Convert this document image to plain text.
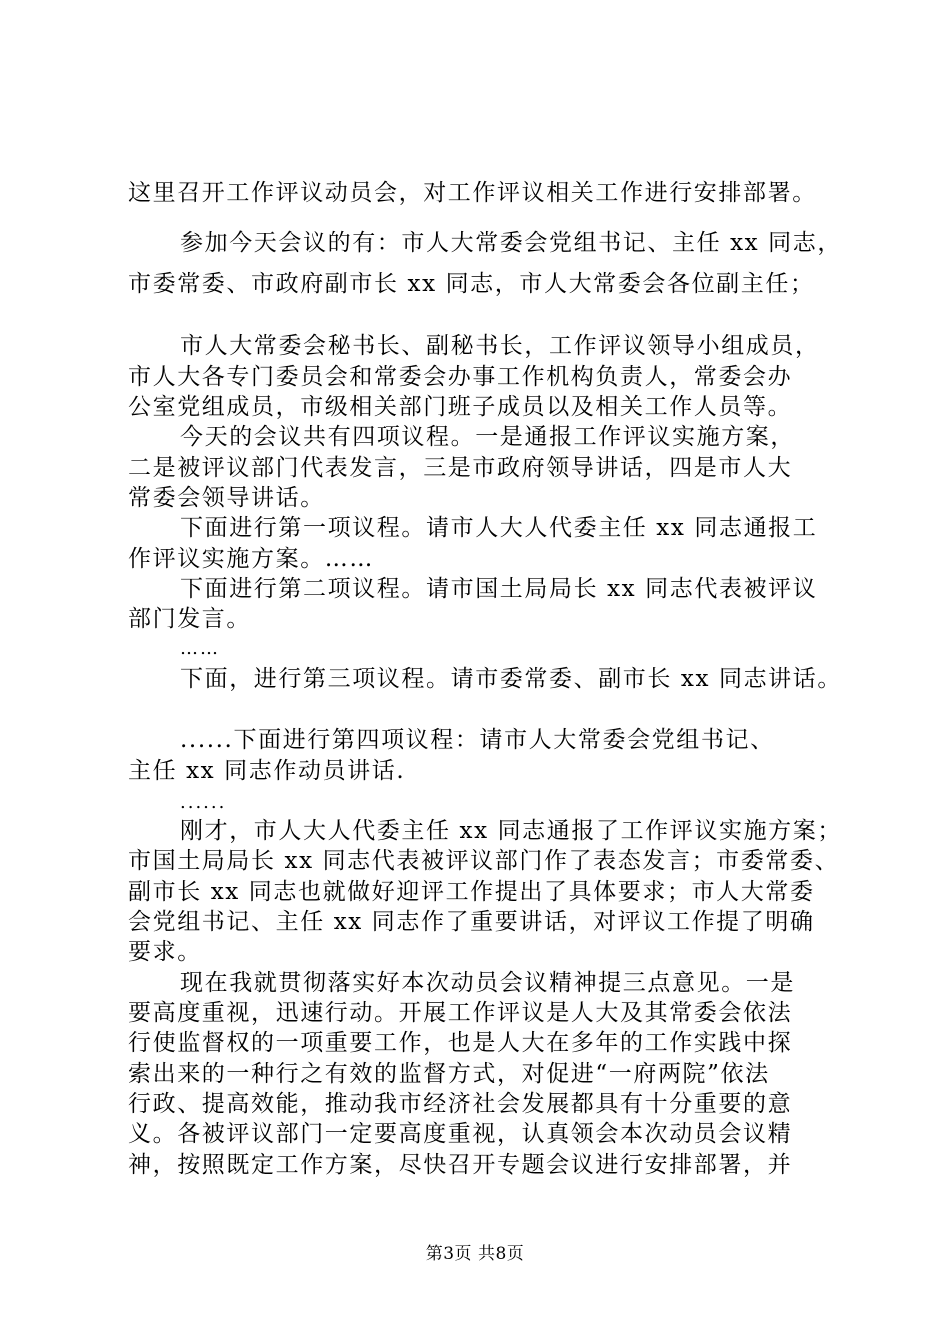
这里召开工作评议动员会，对工作评议相关工作进行安排部署。
参加今天会议的有：市人大常委会党组书记、主任 xx 同志，
市委常委、市政府副市长 xx 同志，市人大常委会各位副主任；
市人大常委会秘书长、副秘书长，工作评议领导小组成员，
市人大各专门委员会和常委会办事工作机构负责人，常委会办
公室党组成员，市级相关部门班子成员以及相关工作人员等。
今天的会议共有四项议程。一是通报工作评议实施方案，
二是被评议部门代表发言，三是市政府领导讲话，四是市人大
常委会领导讲话。
下面进行第一项议程。请市人大人代委主任 xx 同志通报工
作评议实施方案。……
下面进行第二项议程。请市国土局局长 xx 同志代表被评议
部门发言。
……
下面，进行第三项议程。请市委常委、副市长 xx 同志讲话。
......下面进行第四项议程：请市人大常委会党组书记、
主任 xx 同志作动员讲话.
......
刚才，市人大人代委主任 xx 同志通报了工作评议实施方案；
市国土局局长 xx 同志代表被评议部门作了表态发言；市委常委、
副市长 xx 同志也就做好迎评工作提出了具体要求；市人大常委
会党组书记、主任 xx 同志作了重要讲话，对评议工作提了明确
要求。
现在我就贯彻落实好本次动员会议精神提三点意见。一是
要高度重视，迅速行动。开展工作评议是人大及其常委会依法
行使监督权的一项重要工作，也是人大在多年的工作实践中探
索出来的一种行之有效的监督方式，对促进“一府两院”依法
行政、提高效能，推动我市经济社会发展都具有十分重要的意
义。各被评议部门一定要高度重视，认真领会本次动员会议精
神，按照既定工作方案，尽快召开专题会议进行安排部署，并
第3页 共8页
